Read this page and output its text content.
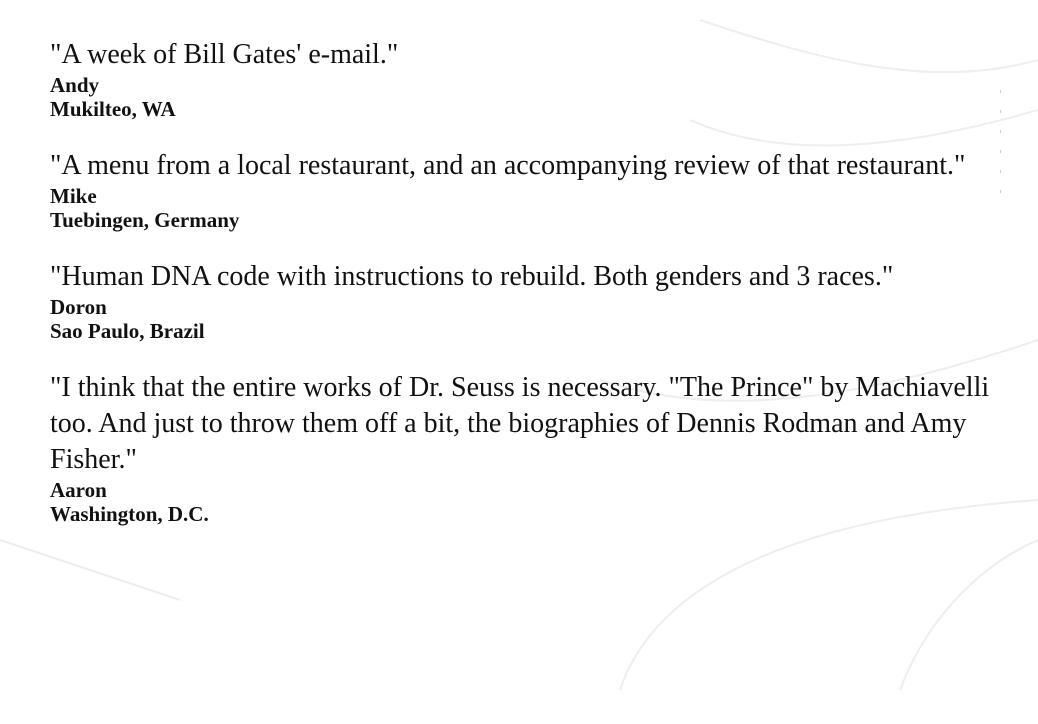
"A week of Bill Gates' e-mail."

Andy
Mukilteo, WA

"A menu from a local restaurant, and an accompanying review of that restaurant."

Mike
Tuebingen, Germany

"Human DNA code with instructions to rebuild. Both genders and 3 races."

Doron
Sao Paulo, Brazil

"I think that the entire works of Dr. Seuss is necessary. "The Prince" by Machiavelli too. And just to throw them off a bit, the biographies of Dennis Rodman and Amy Fisher."

Aaron
Washington, D.C.
